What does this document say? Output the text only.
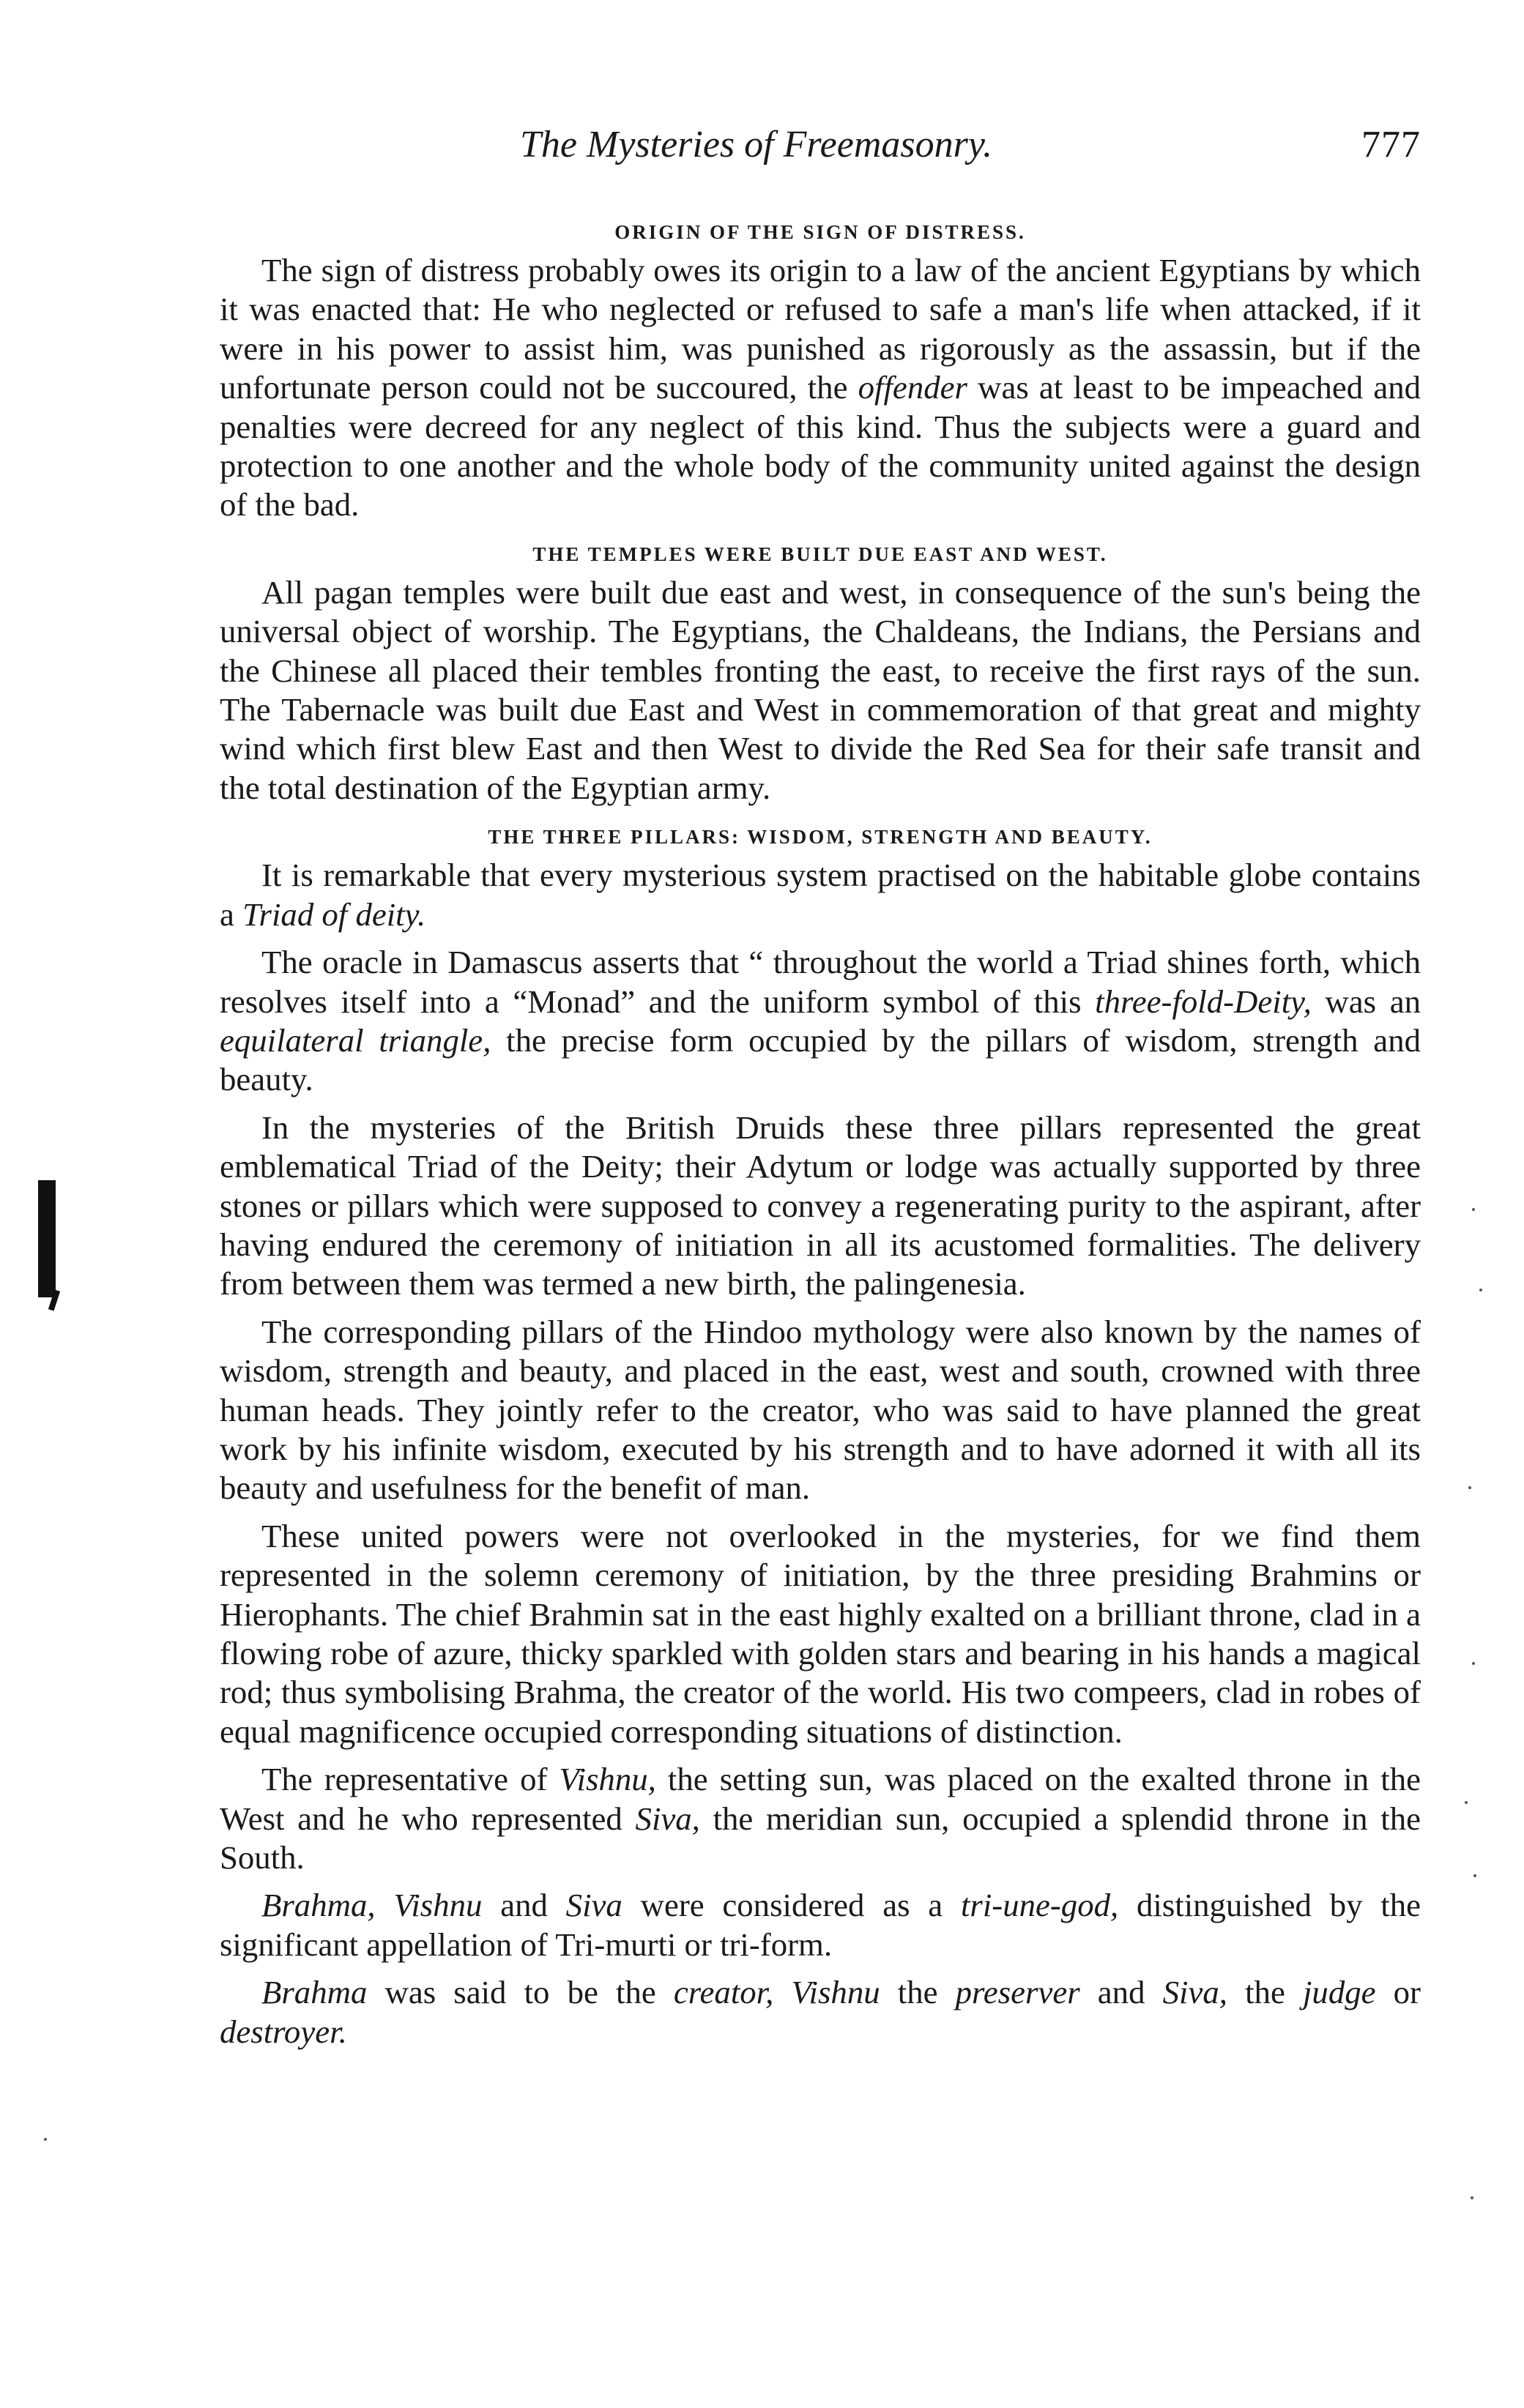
The Mysteries of Freemasonry.	777
ORIGIN OF THE SIGN OF DISTRESS.

The sign of distress probably owes its origin to a law of the ancient Egyptians by which it was enacted that: He who neglected or refused to safe a man's life when attacked, if it were in his power to assist him, was punished as rigorously as the assassin, but if the unfortunate person could not be succoured, the offender was at least to be impeached and penalties were decreed for any neglect of this kind. Thus the subjects were a guard and protection to one another and the whole body of the community united against the design of the bad.

THE TEMPLES WERE BUILT DUE EAST AND WEST.

All pagan temples were built due east and west, in consequence of the sun's being the universal object of worship. The Egyptians, the Chaldeans, the Indians, the Persians and the Chinese all placed their tembles fronting the east, to receive the first rays of the sun. The Tabernacle was built due East and West in commemoration of that great and mighty wind which first blew East and then West to divide the Red Sea for their safe transit and the total destination of the Egyptian army.

THE THREE PILLARS: WISDOM, STRENGTH AND BEAUTY.

It is remarkable that every mysterious system practised on the habitable globe contains a Triad of deity.

The oracle in Damascus asserts that “ throughout the world a Triad shines forth, which resolves itself into a “Monad” and the uniform symbol of this three-fold-Deity, was an equilateral triangle, the precise form occupied by the pillars of wisdom, strength and beauty.

In the mysteries of the British Druids these three pillars represented the great emblematical Triad of the Deity; their Adytum or lodge was actually supported by three stones or pillars which were supposed to convey a regenerating purity to the aspirant, after having endured the ceremony of initiation in all its acustomed formalities. The delivery from between them was termed a new birth, the palingenesia.

The corresponding pillars of the Hindoo mythology were also known by the names of wisdom, strength and beauty, and placed in the east, west and south, crowned with three human heads. They jointly refer to the creator, who was said to have planned the great work by his infinite wisdom, executed by his strength and to have adorned it with all its beauty and usefulness for the benefit of man.

These united powers were not overlooked in the mysteries, for we find them represented in the solemn ceremony of initiation, by the three presiding Brahmins or Hierophants. The chief Brahmin sat in the east highly exalted on a brilliant throne, clad in a flowing robe of azure, thicky sparkled with golden stars and bearing in his hands a magical rod; thus symbolising Brahma, the creator of the world. His two compeers, clad in robes of equal magnificence occupied corresponding situations of distinction.

The representative of Vishnu, the setting sun, was placed on the exalted throne in the West and he who represented Siva, the meridian sun, occupied a splendid throne in the South.

Brahma, Vishnu and Siva were considered as a tri-une-god, distinguished by the significant appellation of Tri-murti or tri-form.

Brahma was said to be the creator, Vishnu the preserver and Siva, the judge or destroyer.
